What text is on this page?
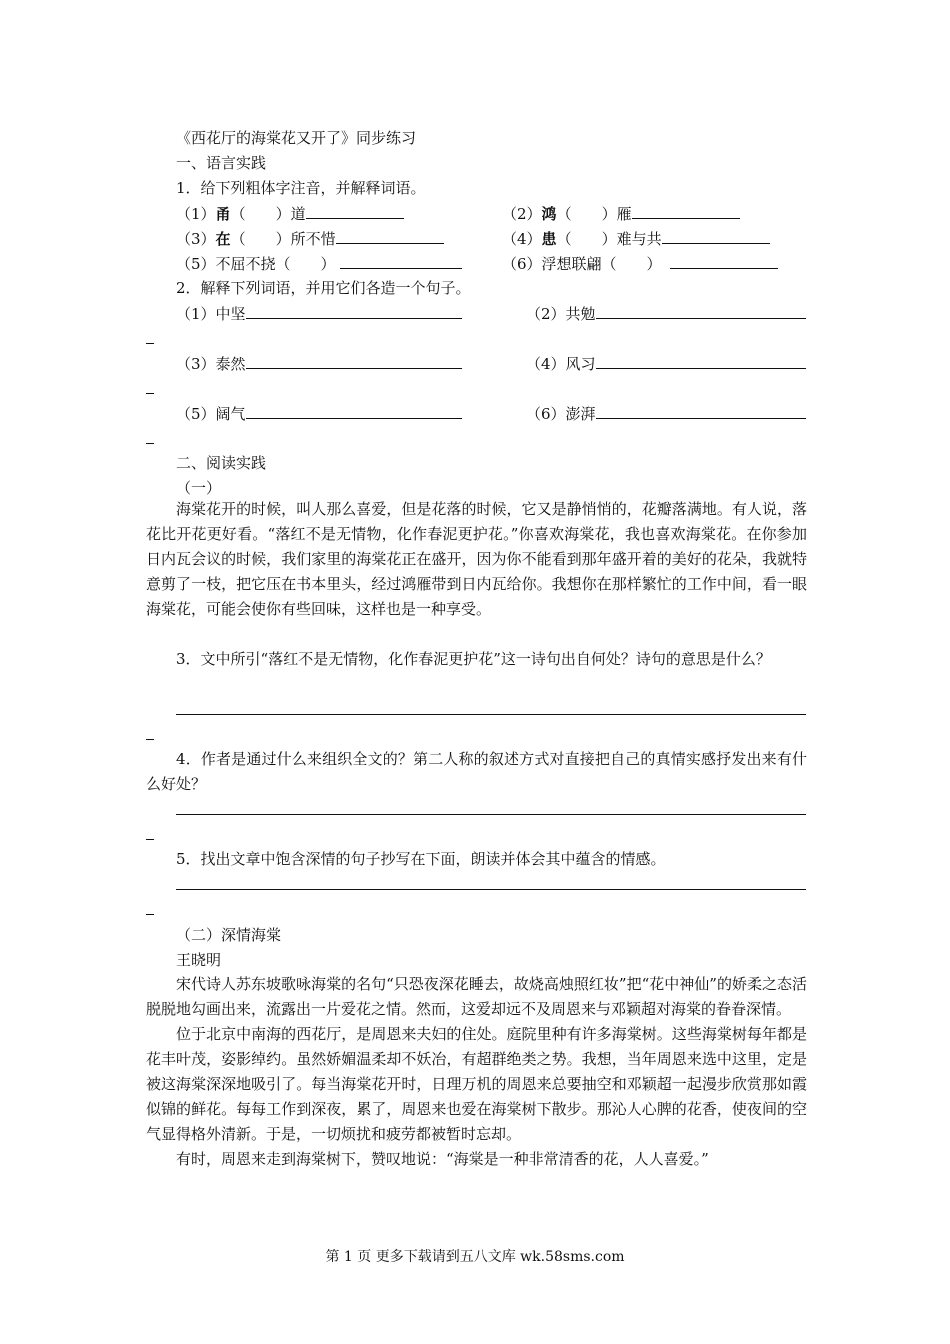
《西花厅的海棠花又开了》同步练习
一、语言实践
1．给下列粗体字注音，并解释词语。
（1）甬（　　）道	（2）鸿（　　）雁
（3）在（　　）所不惜	（4）患（　　）难与共
（5）不屈不挠（　　）	（6）浮想联翩（　　）
2．解释下列词语，并用它们各造一个句子。
（1）中坚	（2）共勉
（3）泰然	（4）风习
（5）阔气	（6）澎湃
二、阅读实践
（一）

海棠花开的时候，叫人那么喜爱，但是花落的时候，它又是静悄悄的，花瓣落满地。有人说，落花比开花更好看。“落红不是无情物，化作春泥更护花。”你喜欢海棠花，我也喜欢海棠花。在你参加日内瓦会议的时候，我们家里的海棠花正在盛开，因为你不能看到那年盛开着的美好的花朵，我就特意剪了一枝，把它压在书本里头，经过鸿雁带到日内瓦给你。我想你在那样繁忙的工作中间，看一眼海棠花，可能会使你有些回味，这样也是一种享受。

3．文中所引“落红不是无情物，化作春泥更护花”这一诗句出自何处？诗句的意思是什么？

4．作者是通过什么来组织全文的？第二人称的叙述方式对直接把自己的真情实感抒发出来有什么好处？

5．找出文章中饱含深情的句子抄写在下面，朗读并体会其中蕴含的情感。

（二）深情海棠
王晓明

宋代诗人苏东坡歌咏海棠的名句“只恐夜深花睡去，故烧高烛照红妆”把“花中神仙”的娇柔之态活脱脱地勾画出来，流露出一片爱花之情。然而，这爱却远不及周恩来与邓颖超对海棠的眷眷深情。

位于北京中南海的西花厅，是周恩来夫妇的住处。庭院里种有许多海棠树。这些海棠树每年都是花丰叶茂，姿影绰约。虽然娇媚温柔却不妖冶，有超群绝类之势。我想，当年周恩来选中这里，定是被这海棠深深地吸引了。每当海棠花开时，日理万机的周恩来总要抽空和邓颖超一起漫步欣赏那如霞似锦的鲜花。每每工作到深夜，累了，周恩来也爱在海棠树下散步。那沁人心脾的花香，使夜间的空气显得格外清新。于是，一切烦扰和疲劳都被暂时忘却。

有时，周恩来走到海棠树下，赞叹地说：“海棠是一种非常清香的花，人人喜爱。”

第 1 页 更多下载请到五八文库 wk.58sms.com
